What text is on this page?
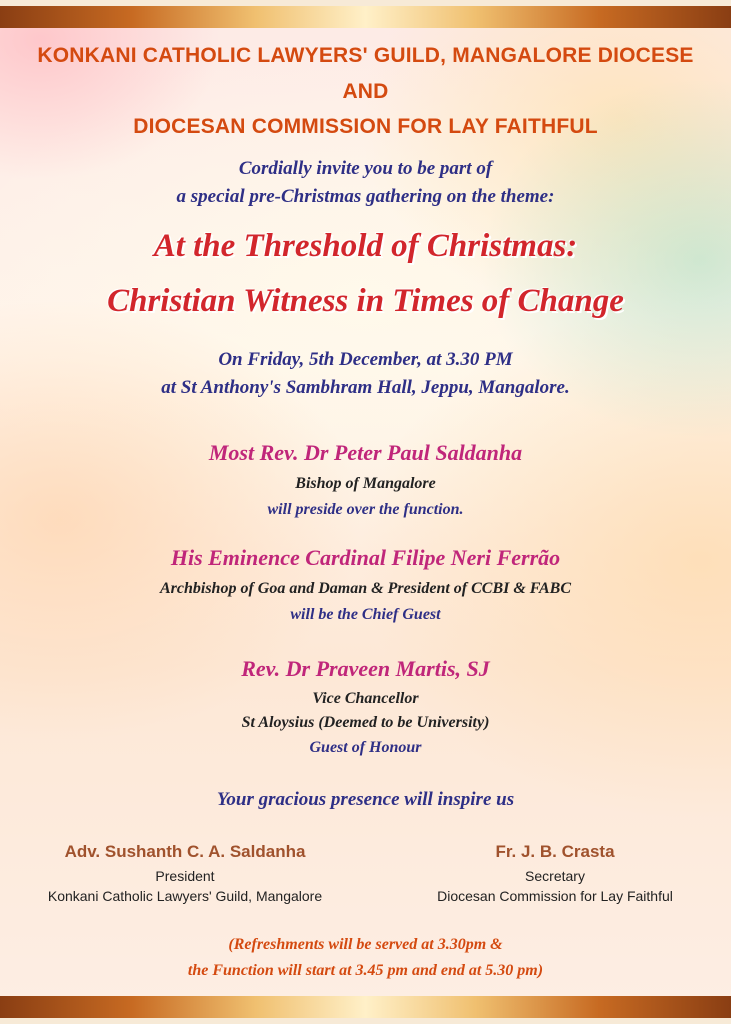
KONKANI CATHOLIC LAWYERS' GUILD, MANGALORE DIOCESE
AND
DIOCESAN COMMISSION FOR LAY FAITHFUL
Cordially invite you to be part of
a special pre-Christmas gathering on the theme:
At the Threshold of Christmas:
Christian Witness in Times of Change
On Friday, 5th December, at 3.30 PM
at St Anthony's Sambhram Hall, Jeppu, Mangalore.
Most Rev. Dr Peter Paul Saldanha
Bishop of Mangalore
will preside over the function.
His Eminence Cardinal Filipe Neri Ferrão
Archbishop of Goa and Daman & President of CCBI & FABC
will be the Chief Guest
Rev. Dr Praveen Martis, SJ
Vice Chancellor
St Aloysius (Deemed to be University)
Guest of Honour
Your gracious presence will inspire us
Adv. Sushanth C. A. Saldanha
President
Konkani Catholic Lawyers' Guild, Mangalore
Fr. J. B. Crasta
Secretary
Diocesan Commission for Lay Faithful
(Refreshments will be served at 3.30pm &
the Function will start at 3.45 pm and end at 5.30 pm)
